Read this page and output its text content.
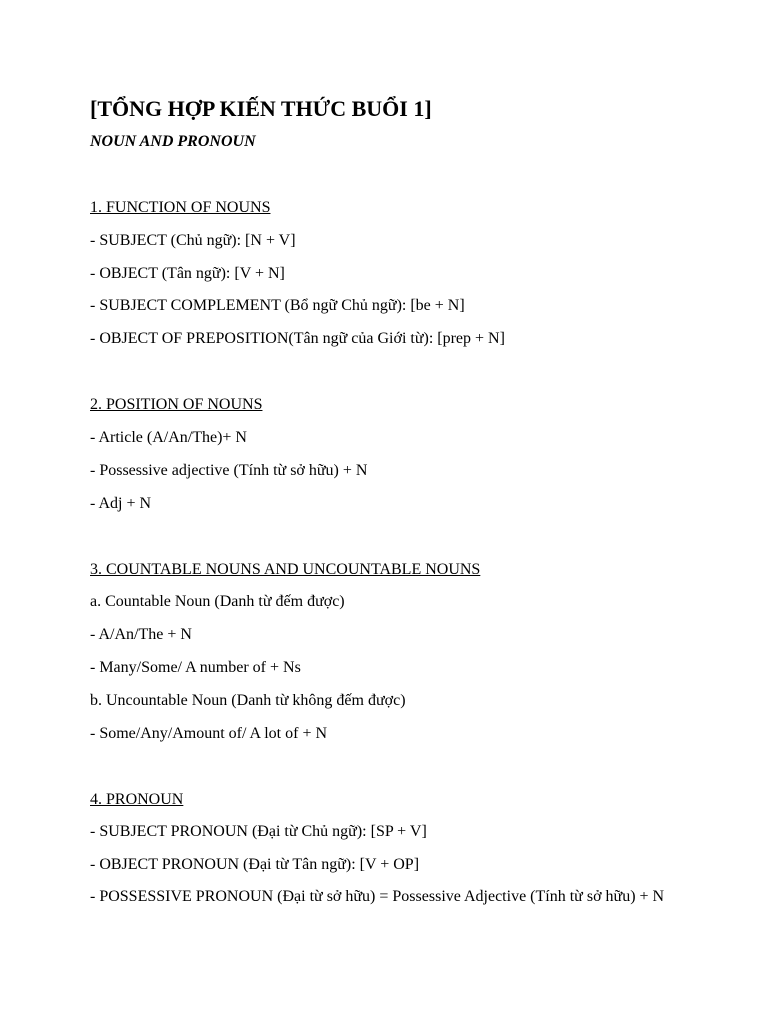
[TỔNG HỢP KIẾN THỨC BUỔI 1]
NOUN AND PRONOUN
1. FUNCTION OF NOUNS
- SUBJECT (Chủ ngữ): [N + V]
- OBJECT (Tân ngữ): [V + N]
- SUBJECT COMPLEMENT (Bổ ngữ Chủ ngữ): [be + N]
- OBJECT OF PREPOSITION(Tân ngữ của Giới từ): [prep + N]
2. POSITION OF NOUNS
- Article (A/An/The)+ N
- Possessive adjective (Tính từ sở hữu) + N
- Adj + N
3. COUNTABLE NOUNS AND UNCOUNTABLE NOUNS
a. Countable Noun (Danh từ đếm được)
- A/An/The + N
- Many/Some/ A number of + Ns
b. Uncountable Noun (Danh từ không đếm được)
- Some/Any/Amount of/ A lot of + N
4. PRONOUN
- SUBJECT PRONOUN (Đại từ Chủ ngữ): [SP + V]
- OBJECT PRONOUN (Đại từ Tân ngữ): [V + OP]
- POSSESSIVE PRONOUN (Đại từ sở hữu) = Possessive Adjective (Tính từ sở hữu) + N
